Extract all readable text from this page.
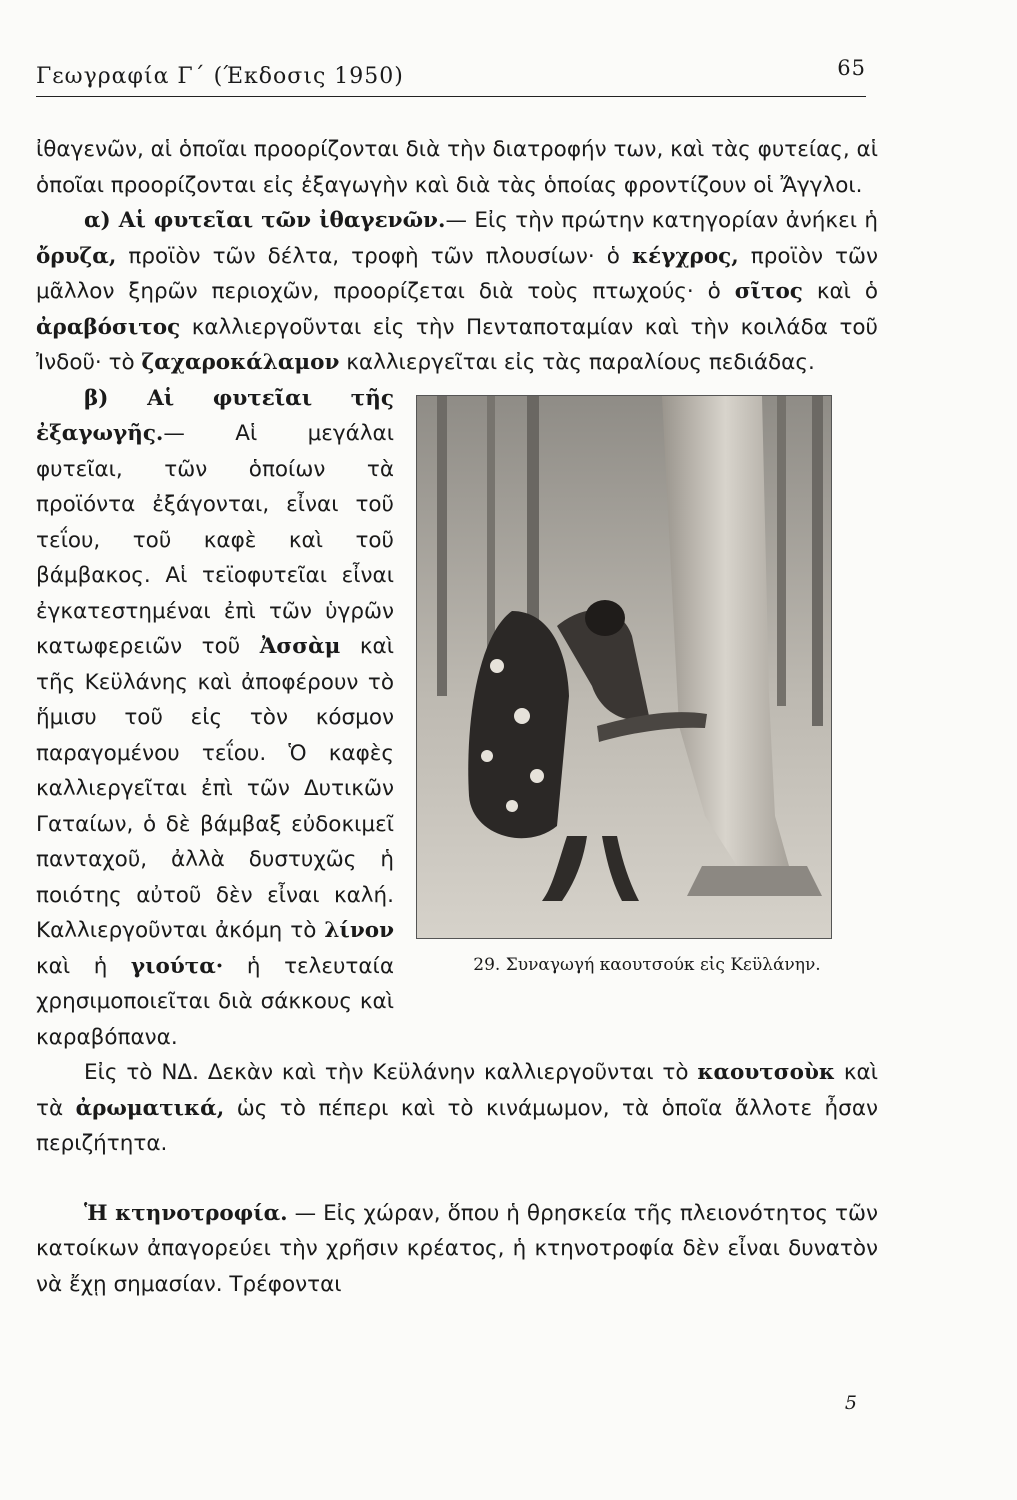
Γεωγραφία Γ΄ (Έκδοσις 1950)	65

ἰθαγενῶν, αἱ ὁποῖαι προορίζονται διὰ τὴν διατροφήν των, καὶ τὰς φυτείας, αἱ ὁποῖαι προορίζονται εἰς ἐξαγωγὴν καὶ διὰ τὰς ὁποίας φροντίζουν οἱ Ἄγγλοι.

α) Αἱ φυτεῖαι τῶν ἰθαγενῶν.— Εἰς τὴν πρώτην κατηγορίαν ἀνήκει ἡ ὄρυζα, προϊὸν τῶν δέλτα, τροφὴ τῶν πλουσίων· ὁ κέγχρος, προϊὸν τῶν μᾶλλον ξηρῶν περιοχῶν, προορίζεται διὰ τοὺς πτωχούς· ὁ σῖτος καὶ ὁ ἀραβόσιτος καλλιεργοῦνται εἰς τὴν Πενταποταμίαν καὶ τὴν κοιλάδα τοῦ Ἰνδοῦ· τὸ ζαχαροκάλαμον καλλιεργεῖται εἰς τὰς παραλίους πεδιάδας.

29. Συναγωγή καουτσούκ εἰς Κεϋλάνην.

β) Αἱ φυτεῖαι τῆς ἐξαγωγῆς.— Αἱ μεγάλαι φυτεῖαι, τῶν ὁποίων τὰ προϊόντα ἐξάγονται, εἶναι τοῦ τεΐου, τοῦ καφὲ καὶ τοῦ βάμβακος. Αἱ τεϊοφυτεῖαι εἶναι ἐγκατεστημέναι ἐπὶ τῶν ὑγρῶν κατωφερειῶν τοῦ Ἀσσὰμ καὶ τῆς Κεϋλάνης καὶ ἀποφέρουν τὸ ἥμισυ τοῦ εἰς τὸν κόσμον παραγομένου τεΐου. Ὁ καφὲς καλλιεργεῖται ἐπὶ τῶν Δυτικῶν Γαταίων, ὁ δὲ βάμβαξ εὐδοκιμεῖ πανταχοῦ, ἀλλὰ δυστυχῶς ἡ ποιότης αὐτοῦ δὲν εἶναι καλή. Καλλιεργοῦνται ἀκόμη τὸ λίνον καὶ ἡ γιούτα· ἡ τελευταία χρησιμοποιεῖται διὰ σάκκους καὶ καραβόπανα.

Εἰς τὸ ΝΔ. Δεκὰν καὶ τὴν Κεϋλάνην καλλιεργοῦνται τὸ καουτσοὺκ καὶ τὰ ἀρωματικά, ὡς τὸ πέπερι καὶ τὸ κινάμωμον, τὰ ὁποῖα ἄλλοτε ἦσαν περιζήτητα.

Ἡ κτηνοτροφία. — Εἰς χώραν, ὅπου ἡ θρησκεία τῆς πλειονότητος τῶν κατοίκων ἀπαγορεύει τὴν χρῆσιν κρέατος, ἡ κτηνοτροφία δὲν εἶναι δυνατὸν νὰ ἔχῃ σημασίαν. Τρέφονται

5
